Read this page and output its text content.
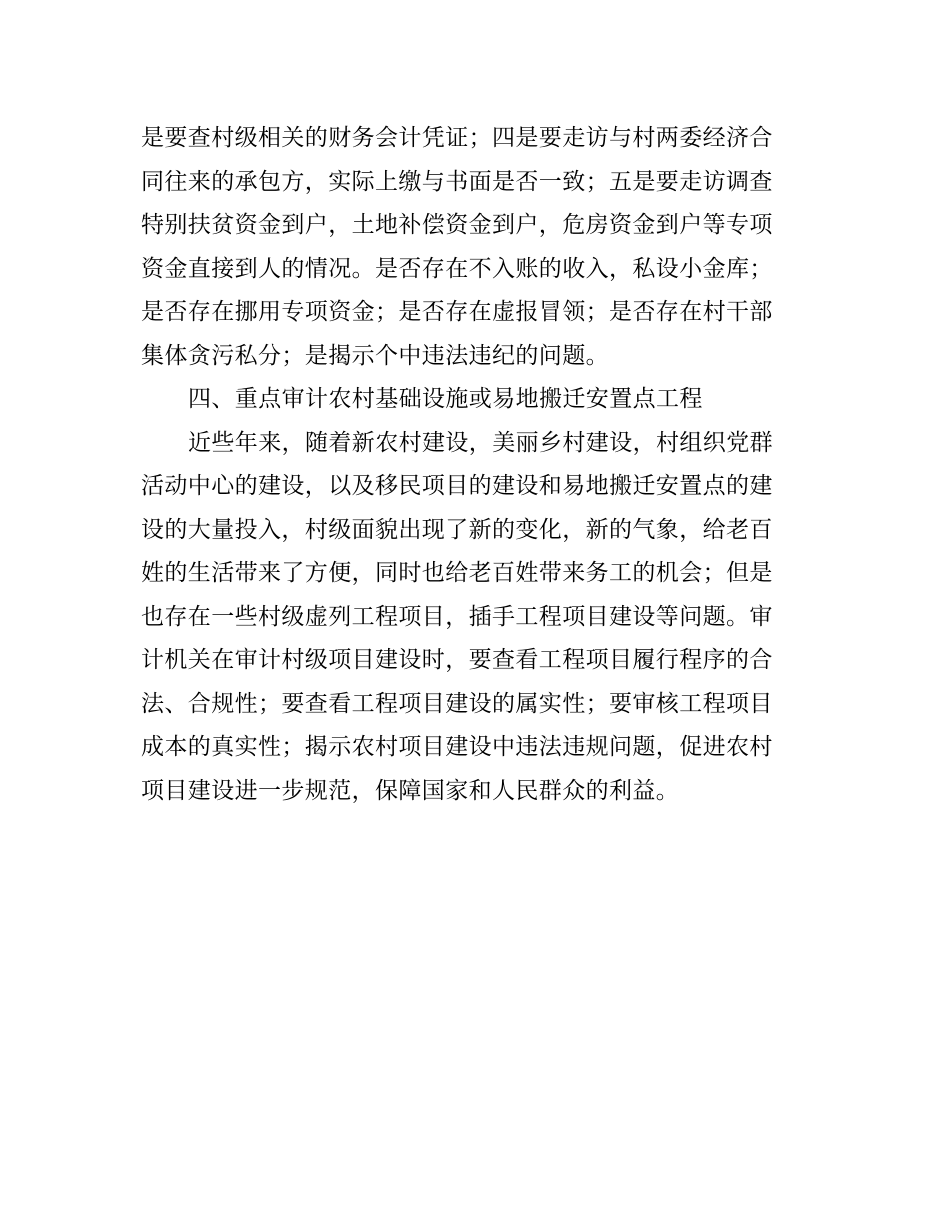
是要查村级相关的财务会计凭证；四是要走访与村两委经济合
同往来的承包方，实际上缴与书面是否一致；五是要走访调查
特别扶贫资金到户，土地补偿资金到户，危房资金到户等专项
资金直接到人的情况。是否存在不入账的收入，私设小金库；
是否存在挪用专项资金；是否存在虚报冒领；是否存在村干部
集体贪污私分；是揭示个中违法违纪的问题。
四、重点审计农村基础设施或易地搬迁安置点工程
近些年来，随着新农村建设，美丽乡村建设，村组织党群
活动中心的建设，以及移民项目的建设和易地搬迁安置点的建
设的大量投入，村级面貌出现了新的变化，新的气象，给老百
姓的生活带来了方便，同时也给老百姓带来务工的机会；但是
也存在一些村级虚列工程项目，插手工程项目建设等问题。审
计机关在审计村级项目建设时，要查看工程项目履行程序的合
法、合规性；要查看工程项目建设的属实性；要审核工程项目
成本的真实性；揭示农村项目建设中违法违规问题，促进农村
项目建设进一步规范，保障国家和人民群众的利益。
